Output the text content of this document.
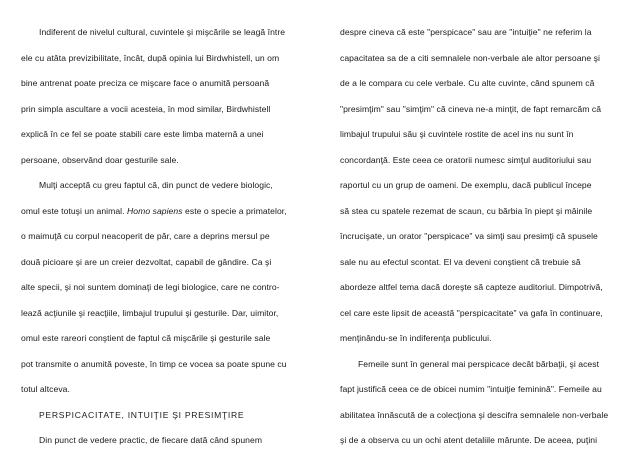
Indiferent de nivelul cultural, cuvintele şi mişcările se leagă între
ele cu atâta previzibilitate, încât, după opinia lui Birdwhistell, un om
bine antrenat poate preciza ce mişcare face o anumită persoană
prin simpla ascultare a vocii acesteia, în mod similar, Birdwhistell
explică în ce fel se poate stabili care este limba maternă a unei
persoane, observând doar gesturile sale.
Mulţi acceptă cu greu faptul că, din punct de vedere biologic,
omul este totuşi un animal. Homo sapiens este o specie a primatelor,
o maimuţă cu corpul neacoperit de păr, care a deprins mersul pe
două picioare şi are un creier dezvoltat, capabil de gândire. Ca şi
alte specii, şi noi suntem dominaţi de legi biologice, care ne contro-
lează acţiunile şi reacţiile, limbajul trupului şi gesturile. Dar, uimitor,
omul este rareori conştient de faptul că mişcările şi gesturile sale
pot transmite o anumită poveste, în timp ce vocea sa poate spune cu
totul altceva.
PERSPICACITATE, INTUIŢIE ŞI PRESIMŢIRE
Din punct de vedere practic, de fiecare dată când spunem
despre cineva că este "perspicace" sau are "intuiţie" ne referim la
capacitatea sa de a citi semnalele non-verbale ale altor persoane şi
de a le compara cu cele verbale. Cu alte cuvinte, când spunem că
"presimţim" sau "simţim" că cineva ne-a minţit, de fapt remarcăm că
limbajul trupului său şi cuvintele rostite de acel ins nu sunt în
concordanţă. Este ceea ce oratorii numesc simţul auditoriului sau
raportul cu un grup de oameni. De exemplu, dacă publicul începe
să stea cu spatele rezemat de scaun, cu bărbia în piept şi mâinile
încrucişate, un orator "perspicace" va simţi sau presimţi că spusele
sale nu au efectul scontat. El va deveni conştient că trebuie să
abordeze altfel tema dacă doreşte să capteze auditoriul. Dimpotrivă,
cel care este lipsit de această "perspicacitate" va gafa în continuare,
menţinându-se în indiferenţa publicului.
Femeile sunt în general mai perspicace decât bărbaţii, şi acest
fapt justifică ceea ce de obicei numim "intuiţie feminină". Femeile au
abilitatea înnăscută de a colecţiona şi descifra semnalele non-verbale
şi de a observa cu un ochi atent detaliile mărunte. De aceea, puţini
